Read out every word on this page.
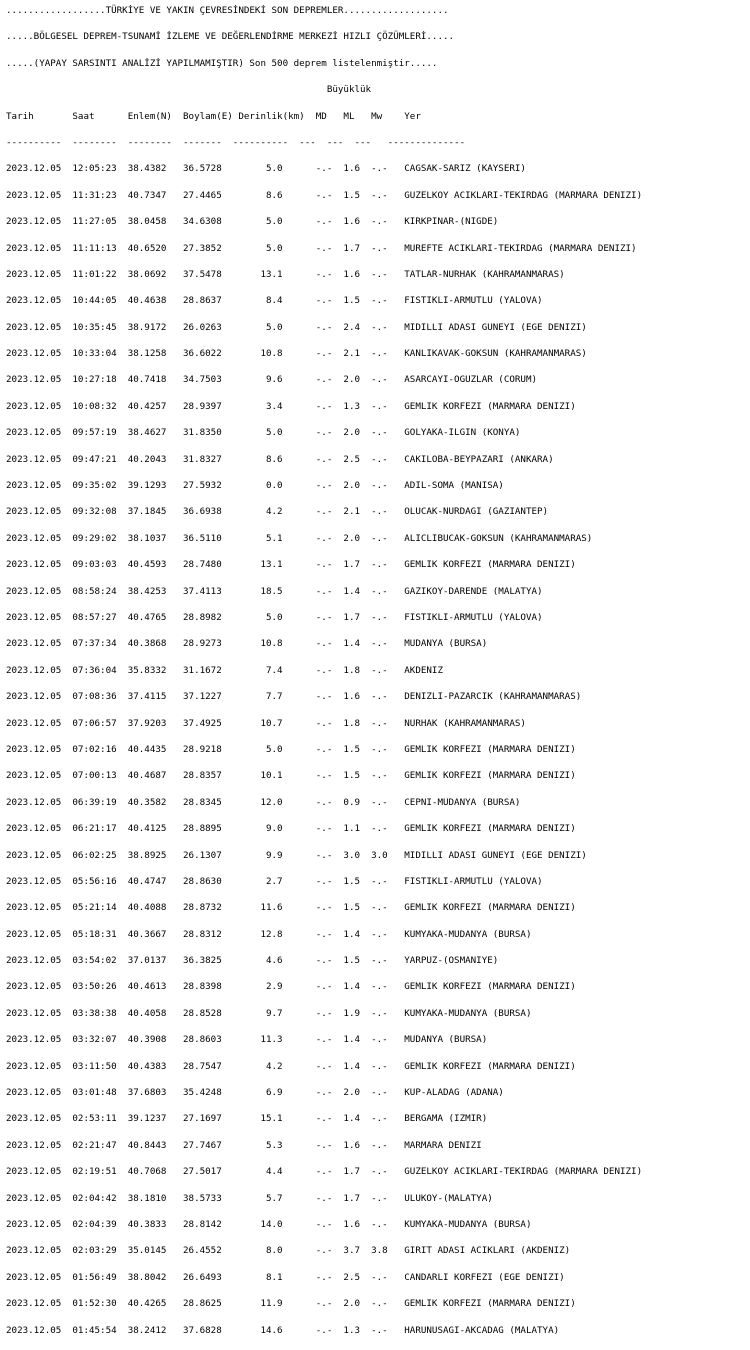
..................TÜRKİYE VE YAKIN ÇEVRESİNDEKİ SON DEPREMLER...................

.....BÖLGESEL DEPREM-TSUNAMİ İZLEME VE DEĞERLENDİRME MERKEZİ HIZLI ÇÖZÜMLERİ.....

.....(YAPAY SARSINTI ANALİZİ YAPILMAMIŞTIR) Son 500 deprem listelenmiştir.....

Büyüklük

Tarih       Saat      Enlem(N)  Boylam(E) Derinlik(km)  MD   ML   Mw    Yer

----------  --------  --------  -------  ----------  ---  ---  ---   --------------

2023.12.05  12:05:23  38.4382   36.5728        5.0      -.-  1.6  -.-   CAGSAK-SARIZ (KAYSERI)

2023.12.05  11:31:23  40.7347   27.4465        8.6      -.-  1.5  -.-   GUZELKOY ACIKLARI-TEKIRDAG (MARMARA DENIZI)

2023.12.05  11:27:05  38.0458   34.6308        5.0      -.-  1.6  -.-   KIRKPINAR-(NIGDE)

2023.12.05  11:11:13  40.6520   27.3852        5.0      -.-  1.7  -.-   MUREFTE ACIKLARI-TEKIRDAG (MARMARA DENIZI)

2023.12.05  11:01:22  38.0692   37.5478       13.1      -.-  1.6  -.-   TATLAR-NURHAK (KAHRAMANMARAS)

2023.12.05  10:44:05  40.4638   28.8637        8.4      -.-  1.5  -.-   FISTIKLI-ARMUTLU (YALOVA)

2023.12.05  10:35:45  38.9172   26.0263        5.0      -.-  2.4  -.-   MIDILLI ADASI GUNEYI (EGE DENIZI)

2023.12.05  10:33:04  38.1258   36.6022       10.8      -.-  2.1  -.-   KANLIKAVAK-GOKSUN (KAHRAMANMARAS)

2023.12.05  10:27:18  40.7418   34.7503        9.6      -.-  2.0  -.-   ASARCAYI-OGUZLAR (CORUM)

2023.12.05  10:08:32  40.4257   28.9397        3.4      -.-  1.3  -.-   GEMLIK KORFEZI (MARMARA DENIZI)

2023.12.05  09:57:19  38.4627   31.8350        5.0      -.-  2.0  -.-   GOLYAKA-ILGIN (KONYA)

2023.12.05  09:47:21  40.2043   31.8327        8.6      -.-  2.5  -.-   CAKILOBA-BEYPAZARI (ANKARA)

2023.12.05  09:35:02  39.1293   27.5932        0.0      -.-  2.0  -.-   ADIL-SOMA (MANISA)

2023.12.05  09:32:08  37.1845   36.6938        4.2      -.-  2.1  -.-   OLUCAK-NURDAGI (GAZIANTEP)

2023.12.05  09:29:02  38.1037   36.5110        5.1      -.-  2.0  -.-   ALICLIBUCAK-GOKSUN (KAHRAMANMARAS)

2023.12.05  09:03:03  40.4593   28.7480       13.1      -.-  1.7  -.-   GEMLIK KORFEZI (MARMARA DENIZI)

2023.12.05  08:58:24  38.4253   37.4113       18.5      -.-  1.4  -.-   GAZIKOY-DARENDE (MALATYA)

2023.12.05  08:57:27  40.4765   28.8982        5.0      -.-  1.7  -.-   FISTIKLI-ARMUTLU (YALOVA)

2023.12.05  07:37:34  40.3868   28.9273       10.8      -.-  1.4  -.-   MUDANYA (BURSA)

2023.12.05  07:36:04  35.8332   31.1672        7.4      -.-  1.8  -.-   AKDENIZ

2023.12.05  07:08:36  37.4115   37.1227        7.7      -.-  1.6  -.-   DENIZLI-PAZARCIK (KAHRAMANMARAS)

2023.12.05  07:06:57  37.9203   37.4925       10.7      -.-  1.8  -.-   NURHAK (KAHRAMANMARAS)

2023.12.05  07:02:16  40.4435   28.9218        5.0      -.-  1.5  -.-   GEMLIK KORFEZI (MARMARA DENIZI)

2023.12.05  07:00:13  40.4687   28.8357       10.1      -.-  1.5  -.-   GEMLIK KORFEZI (MARMARA DENIZI)

2023.12.05  06:39:19  40.3582   28.8345       12.0      -.-  0.9  -.-   CEPNI-MUDANYA (BURSA)

2023.12.05  06:21:17  40.4125   28.8895        9.0      -.-  1.1  -.-   GEMLIK KORFEZI (MARMARA DENIZI)

2023.12.05  06:02:25  38.8925   26.1307        9.9      -.-  3.0  3.0   MIDILLI ADASI GUNEYI (EGE DENIZI)

2023.12.05  05:56:16  40.4747   28.8630        2.7      -.-  1.5  -.-   FISTIKLI-ARMUTLU (YALOVA)

2023.12.05  05:21:14  40.4088   28.8732       11.6      -.-  1.5  -.-   GEMLIK KORFEZI (MARMARA DENIZI)

2023.12.05  05:18:31  40.3667   28.8312       12.8      -.-  1.4  -.-   KUMYAKA-MUDANYA (BURSA)

2023.12.05  03:54:02  37.0137   36.3825        4.6      -.-  1.5  -.-   YARPUZ-(OSMANIYE)

2023.12.05  03:50:26  40.4613   28.8398        2.9      -.-  1.4  -.-   GEMLIK KORFEZI (MARMARA DENIZI)

2023.12.05  03:38:38  40.4058   28.8528        9.7      -.-  1.9  -.-   KUMYAKA-MUDANYA (BURSA)

2023.12.05  03:32:07  40.3908   28.8603       11.3      -.-  1.4  -.-   MUDANYA (BURSA)

2023.12.05  03:11:50  40.4383   28.7547        4.2      -.-  1.4  -.-   GEMLIK KORFEZI (MARMARA DENIZI)

2023.12.05  03:01:48  37.6803   35.4248        6.9      -.-  2.0  -.-   KUP-ALADAG (ADANA)

2023.12.05  02:53:11  39.1237   27.1697       15.1      -.-  1.4  -.-   BERGAMA (IZMIR)

2023.12.05  02:21:47  40.8443   27.7467        5.3      -.-  1.6  -.-   MARMARA DENIZI

2023.12.05  02:19:51  40.7068   27.5017        4.4      -.-  1.7  -.-   GUZELKOY ACIKLARI-TEKIRDAG (MARMARA DENIZI)

2023.12.05  02:04:42  38.1810   38.5733        5.7      -.-  1.7  -.-   ULUKOY-(MALATYA)

2023.12.05  02:04:39  40.3833   28.8142       14.0      -.-  1.6  -.-   KUMYAKA-MUDANYA (BURSA)

2023.12.05  02:03:29  35.0145   26.4552        8.0      -.-  3.7  3.8   GIRIT ADASI ACIKLARI (AKDENIZ)

2023.12.05  01:56:49  38.8042   26.6493        8.1      -.-  2.5  -.-   CANDARLI KORFEZI (EGE DENIZI)

2023.12.05  01:52:30  40.4265   28.8625       11.9      -.-  2.0  -.-   GEMLIK KORFEZI (MARMARA DENIZI)

2023.12.05  01:45:54  38.2412   37.6828       14.6      -.-  1.3  -.-   HARUNUSAGI-AKCADAG (MALATYA)
